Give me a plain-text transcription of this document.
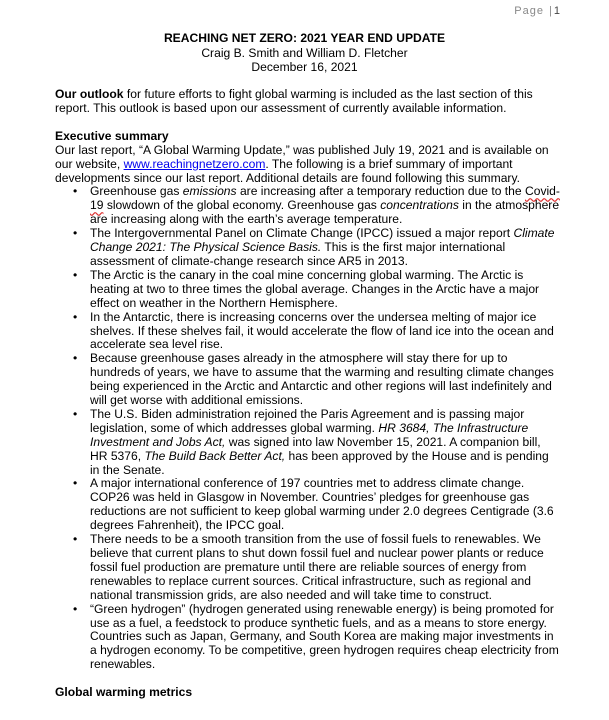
Page |1
REACHING NET ZERO: 2021 YEAR END UPDATE
Craig B. Smith and William D. Fletcher
December 16, 2021

Our outlook for future efforts to fight global warming is included as the last section of this report. This outlook is based upon our assessment of currently available information.

Executive summary

Our last report, “A Global Warming Update,” was published July 19, 2021 and is available on our website, www.reachingnetzero.com. The following is a brief summary of important developments since our last report. Additional details are found following this summary.

• Greenhouse gas emissions are increasing after a temporary reduction due to the Covid-19 slowdown of the global economy. Greenhouse gas concentrations in the atmosphere are increasing along with the earth’s average temperature.
• The Intergovernmental Panel on Climate Change (IPCC) issued a major report Climate Change 2021: The Physical Science Basis. This is the first major international assessment of climate-change research since AR5 in 2013.
• The Arctic is the canary in the coal mine concerning global warming. The Arctic is heating at two to three times the global average. Changes in the Arctic have a major effect on weather in the Northern Hemisphere.
• In the Antarctic, there is increasing concerns over the undersea melting of major ice shelves. If these shelves fail, it would accelerate the flow of land ice into the ocean and accelerate sea level rise.
• Because greenhouse gases already in the atmosphere will stay there for up to hundreds of years, we have to assume that the warming and resulting climate changes being experienced in the Arctic and Antarctic and other regions will last indefinitely and will get worse with additional emissions.
• The U.S. Biden administration rejoined the Paris Agreement and is passing major legislation, some of which addresses global warming. HR 3684, The Infrastructure Investment and Jobs Act, was signed into law November 15, 2021. A companion bill, HR 5376, The Build Back Better Act, has been approved by the House and is pending in the Senate.
• A major international conference of 197 countries met to address climate change. COP26 was held in Glasgow in November. Countries’ pledges for greenhouse gas reductions are not sufficient to keep global warming under 2.0 degrees Centigrade (3.6 degrees Fahrenheit), the IPCC goal.
• There needs to be a smooth transition from the use of fossil fuels to renewables. We believe that current plans to shut down fossil fuel and nuclear power plants or reduce fossil fuel production are premature until there are reliable sources of energy from renewables to replace current sources. Critical infrastructure, such as regional and national transmission grids, are also needed and will take time to construct.
• “Green hydrogen” (hydrogen generated using renewable energy) is being promoted for use as a fuel, a feedstock to produce synthetic fuels, and as a means to store energy. Countries such as Japan, Germany, and South Korea are making major investments in a hydrogen economy. To be competitive, green hydrogen requires cheap electricity from renewables.

Global warming metrics
